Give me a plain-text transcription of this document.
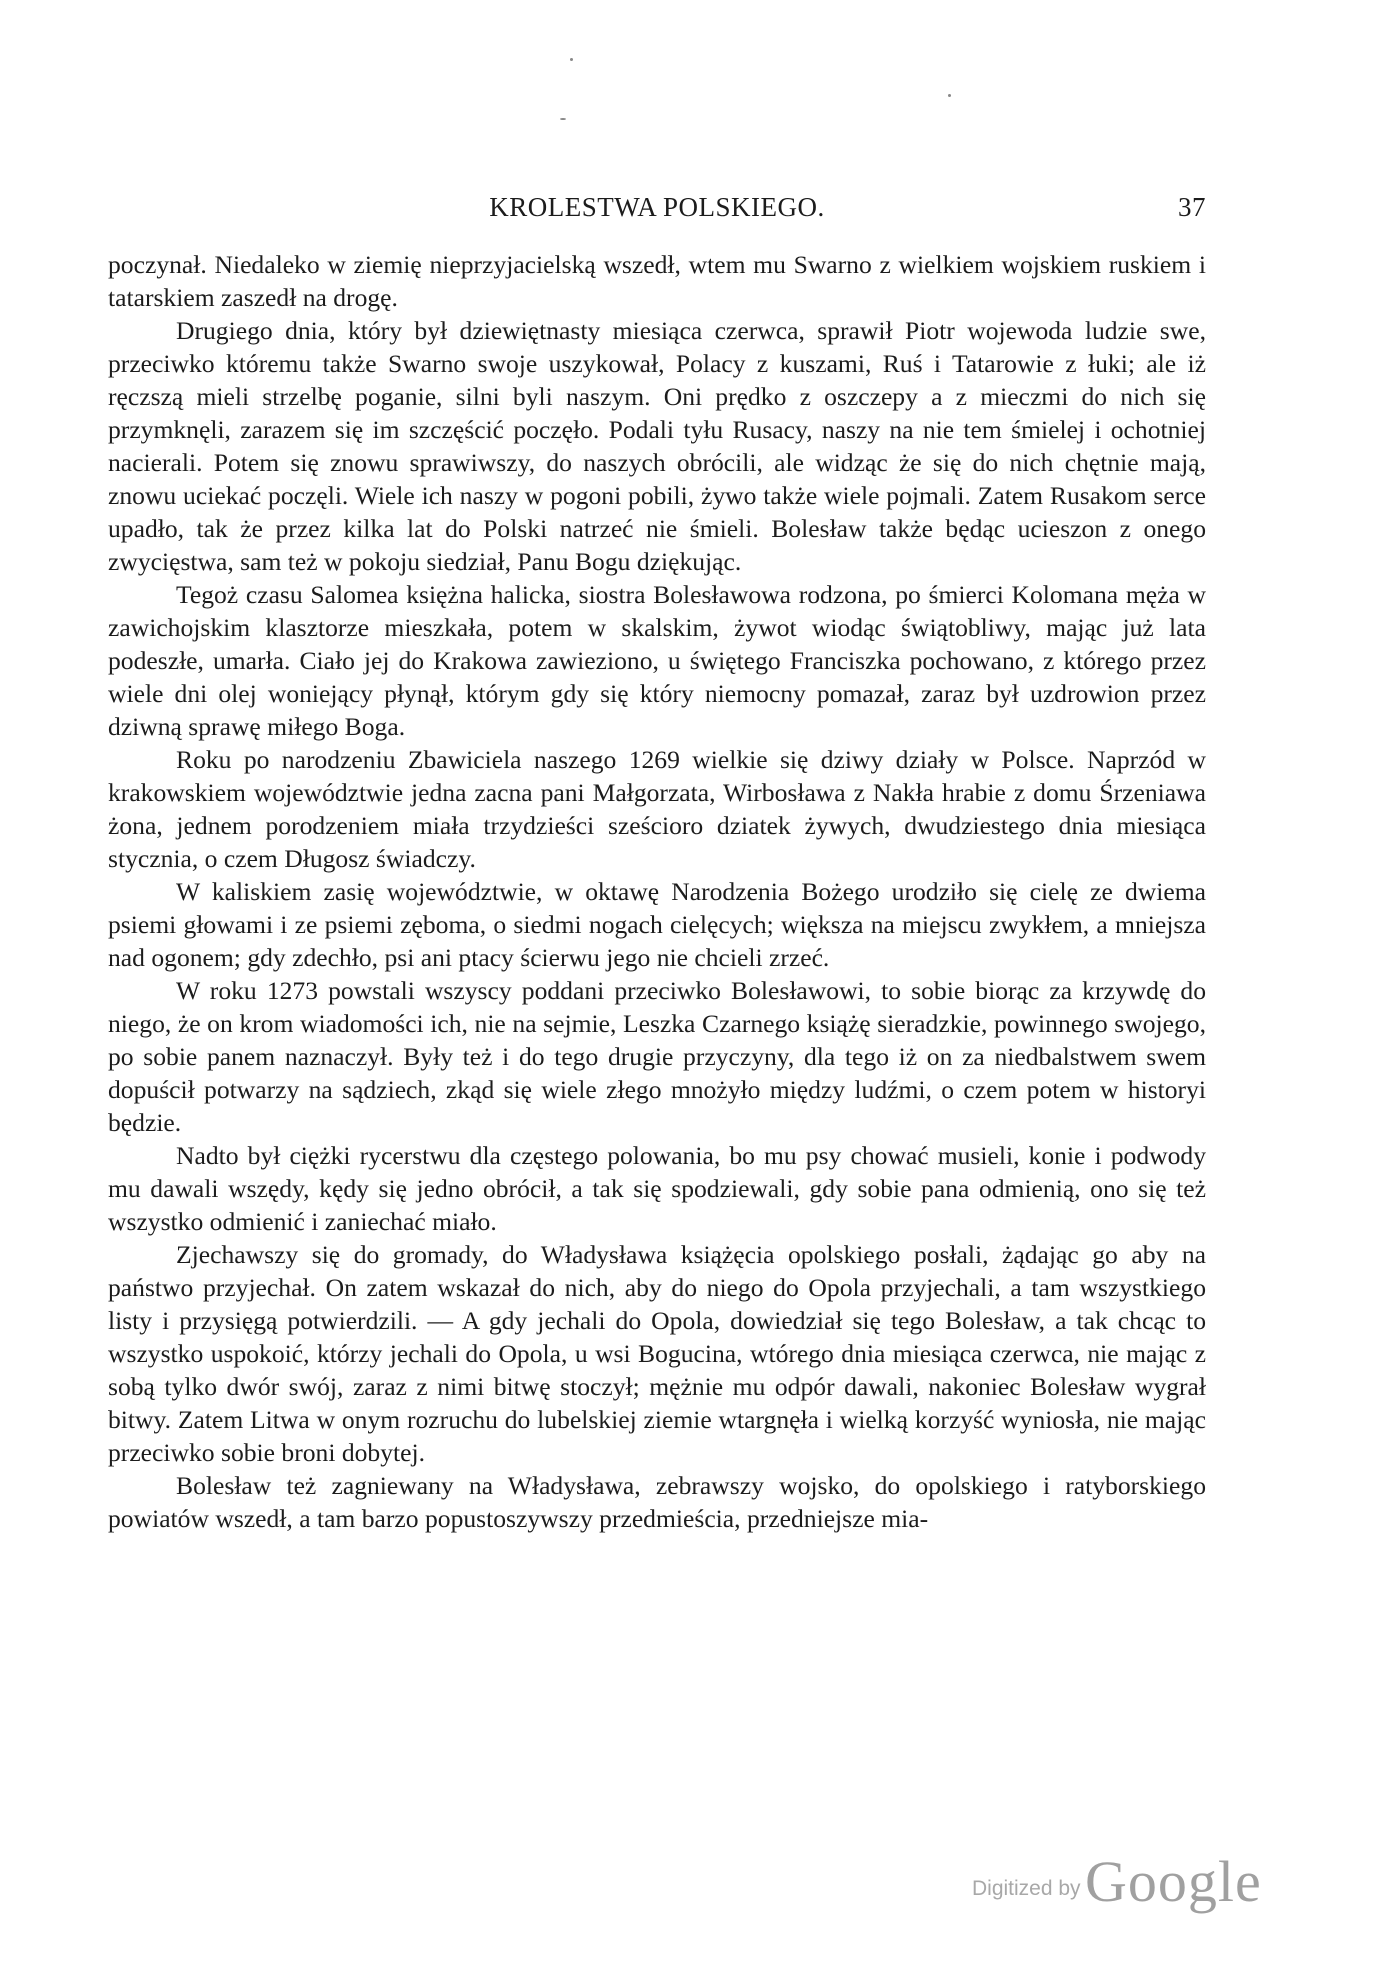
KROLESTWA POLSKIEGO.	37

poczynał. Niedaleko w ziemię nieprzyjacielską wszedł, wtem mu Swarno z wielkiem wojskiem ruskiem i tatarskiem zaszedł na drogę.

Drugiego dnia, który był dziewiętnasty miesiąca czerwca, sprawił Piotr wojewoda ludzie swe, przeciwko któremu także Swarno swoje uszykował, Polacy z kuszami, Ruś i Tatarowie z łuki; ale iż ręczszą mieli strzelbę poganie, silni byli naszym. Oni prędko z oszczepy a z mieczmi do nich się przymknęli, zarazem się im szczęścić poczęło. Podali tyłu Rusacy, naszy na nie tem śmielej i ochotniej nacierali. Potem się znowu sprawiwszy, do naszych obrócili, ale widząc że się do nich chętnie mają, znowu uciekać poczęli. Wiele ich naszy w pogoni pobili, żywo także wiele pojmali. Zatem Rusakom serce upadło, tak że przez kilka lat do Polski natrzeć nie śmieli. Bolesław także będąc ucieszon z onego zwycięstwa, sam też w pokoju siedział, Panu Bogu dziękując.

Tegoż czasu Salomea księżna halicka, siostra Bolesławowa rodzona, po śmierci Kolomana męża w zawichojskim klasztorze mieszkała, potem w skalskim, żywot wiodąc świątobliwy, mając już lata podeszłe, umarła. Ciało jej do Krakowa zawieziono, u świętego Franciszka pochowano, z którego przez wiele dni olej woniejący płynął, którym gdy się który niemocny pomazał, zaraz był uzdrowion przez dziwną sprawę miłego Boga.

Roku po narodzeniu Zbawiciela naszego 1269 wielkie się dziwy działy w Polsce. Naprzód w krakowskiem województwie jedna zacna pani Małgorzata, Wirbosława z Nakła hrabie z domu Śrzeniawa żona, jednem porodzeniem miała trzydzieści sześcioro dziatek żywych, dwudziestego dnia miesiąca stycznia, o czem Długosz świadczy.

W kaliskiem zasię województwie, w oktawę Narodzenia Bożego urodziło się cielę ze dwiema psiemi głowami i ze psiemi zęboma, o siedmi nogach cielęcych; większa na miejscu zwykłem, a mniejsza nad ogonem; gdy zdechło, psi ani ptacy ścierwu jego nie chcieli zrzeć.

W roku 1273 powstali wszyscy poddani przeciwko Bolesławowi, to sobie biorąc za krzywdę do niego, że on krom wiadomości ich, nie na sejmie, Leszka Czarnego książę sieradzkie, powinnego swojego, po sobie panem naznaczył. Były też i do tego drugie przyczyny, dla tego iż on za niedbalstwem swem dopuścił potwarzy na sądziech, zkąd się wiele złego mnożyło między ludźmi, o czem potem w historyi będzie.

Nadto był ciężki rycerstwu dla częstego polowania, bo mu psy chować musieli, konie i podwody mu dawali wszędy, kędy się jedno obrócił, a tak się spodziewali, gdy sobie pana odmienią, ono się też wszystko odmienić i zaniechać miało.

Zjechawszy się do gromady, do Władysława książęcia opolskiego posłali, żądając go aby na państwo przyjechał. On zatem wskazał do nich, aby do niego do Opola przyjechali, a tam wszystkiego listy i przysięgą potwierdzili. — A gdy jechali do Opola, dowiedział się tego Bolesław, a tak chcąc to wszystko uspokoić, którzy jechali do Opola, u wsi Bogucina, wtórego dnia miesiąca czerwca, nie mając z sobą tylko dwór swój, zaraz z nimi bitwę stoczył; mężnie mu odpór dawali, nakoniec Bolesław wygrał bitwy. Zatem Litwa w onym rozruchu do lubelskiej ziemie wtargnęła i wielką korzyść wyniosła, nie mając przeciwko sobie broni dobytej.

Bolesław też zagniewany na Władysława, zebrawszy wojsko, do opolskiego i ratyborskiego powiatów wszedł, a tam barzo popustoszywszy przedmieścia, przedniejsze mia-

Digitized by Google
